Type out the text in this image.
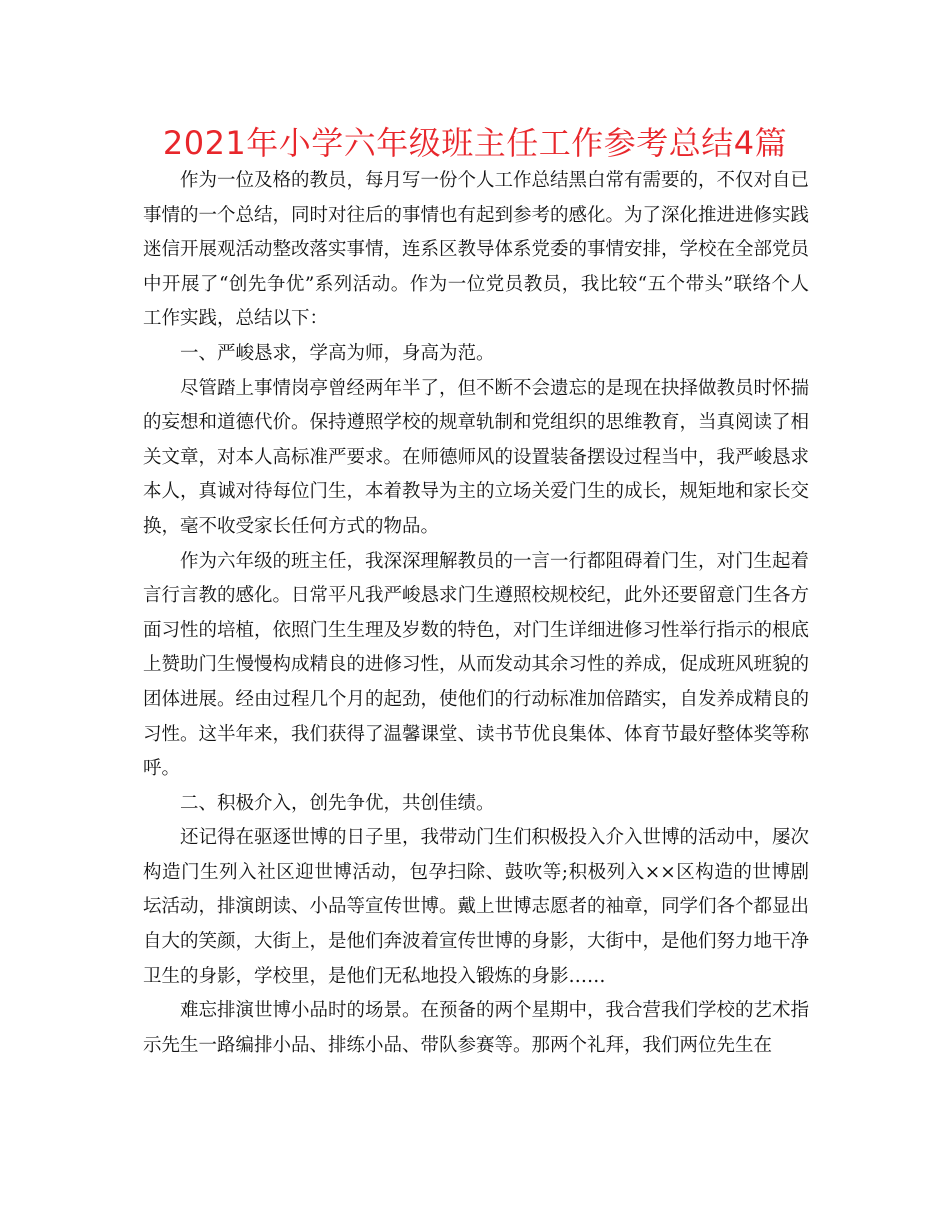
2021年小学六年级班主任工作参考总结4篇

作为一位及格的教员，每月写一份个人工作总结黑白常有需要的，不仅对自已事情的一个总结，同时对往后的事情也有起到参考的感化。为了深化推进进修实践迷信开展观活动整改落实事情，连系区教导体系党委的事情安排，学校在全部党员中开展了“创先争优”系列活动。作为一位党员教员，我比较“五个带头”联络个人工作实践，总结以下：

一、严峻恳求，学高为师，身高为范。

尽管踏上事情岗亭曾经两年半了，但不断不会遗忘的是现在抉择做教员时怀揣的妄想和道德代价。保持遵照学校的规章轨制和党组织的思维教育，当真阅读了相关文章，对本人高标准严要求。在师德师风的设置装备摆设过程当中，我严峻恳求本人，真诚对待每位门生，本着教导为主的立场关爱门生的成长，规矩地和家长交换，毫不收受家长任何方式的物品。

作为六年级的班主任，我深深理解教员的一言一行都阻碍着门生，对门生起着言行言教的感化。日常平凡我严峻恳求门生遵照校规校纪，此外还要留意门生各方面习性的培植，依照门生生理及岁数的特色，对门生详细进修习性举行指示的根底上赞助门生慢慢构成精良的进修习性，从而发动其余习性的养成，促成班风班貌的团体进展。经由过程几个月的起劲，使他们的行动标准加倍踏实，自发养成精良的习性。这半年来，我们获得了温馨课堂、读书节优良集体、体育节最好整体奖等称呼。

二、积极介入，创先争优，共创佳绩。

还记得在驱逐世博的日子里，我带动门生们积极投入介入世博的活动中，屡次构造门生列入社区迎世博活动，包孕扫除、鼓吹等;积极列入××区构造的世博剧坛活动，排演朗读、小品等宣传世博。戴上世博志愿者的袖章，同学们各个都显出自大的笑颜，大街上，是他们奔波着宣传世博的身影，大街中，是他们努力地干净卫生的身影，学校里，是他们无私地投入锻炼的身影……

难忘排演世博小品时的场景。在预备的两个星期中，我合营我们学校的艺术指示先生一路编排小品、排练小品、带队参赛等。那两个礼拜，我们两位先生在
